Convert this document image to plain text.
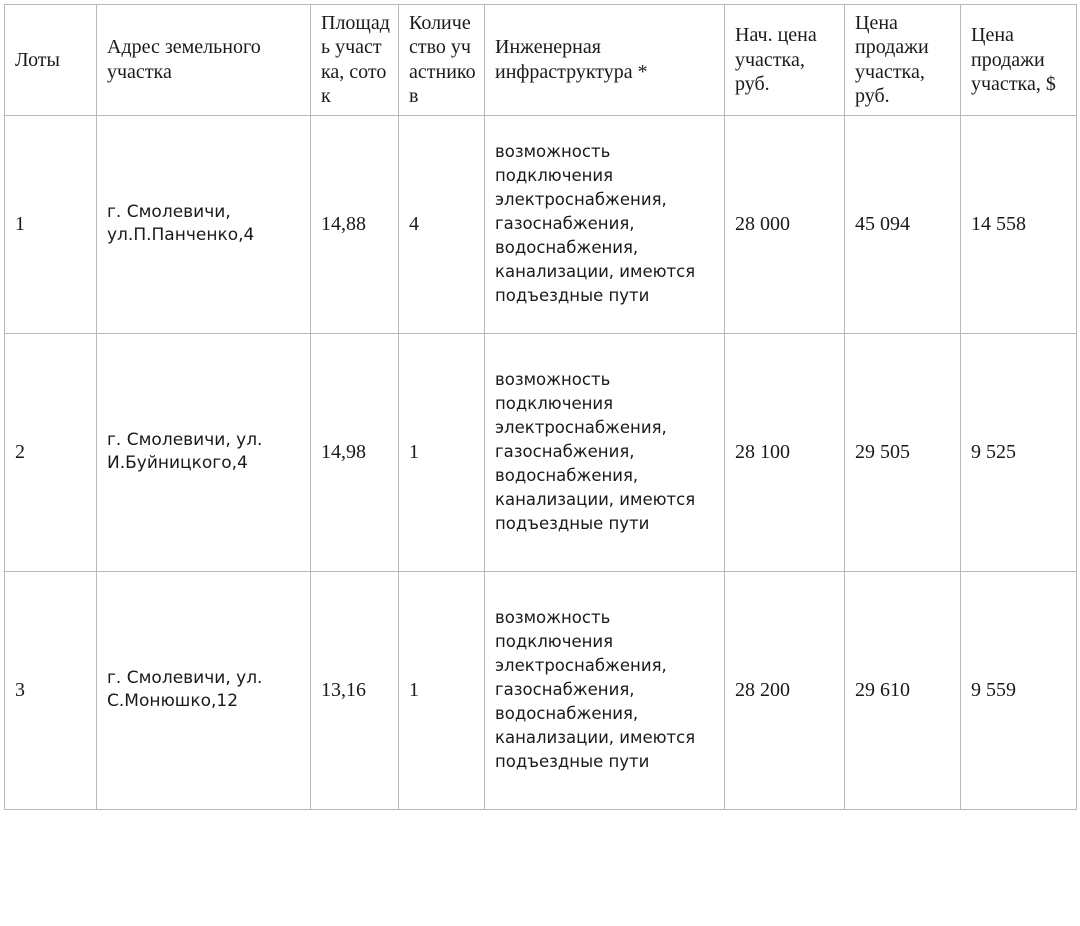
Лоты	Адрес земельного участка	Площадь участка, соток	Количество участников	Инженерная инфраструктура *	Нач. цена участка, руб.	Цена продажи участка, руб.	Цена продажи участка, $
1	г. Смолевичи, ул.П.Панченко,4	14,88	4	возможность подключения электроснабжения, газоснабжения, водоснабжения, канализации, имеются подъездные пути	28 000	45 094	14 558
2	г. Смолевичи, ул. И.Буйницкого,4	14,98	1	возможность подключения электроснабжения, газоснабжения, водоснабжения, канализации, имеются подъездные пути	28 100	29 505	9 525
3	г. Смолевичи, ул. С.Монюшко,12	13,16	1	возможность подключения электроснабжения, газоснабжения, водоснабжения, канализации, имеются подъездные пути	28 200	29 610	9 559
